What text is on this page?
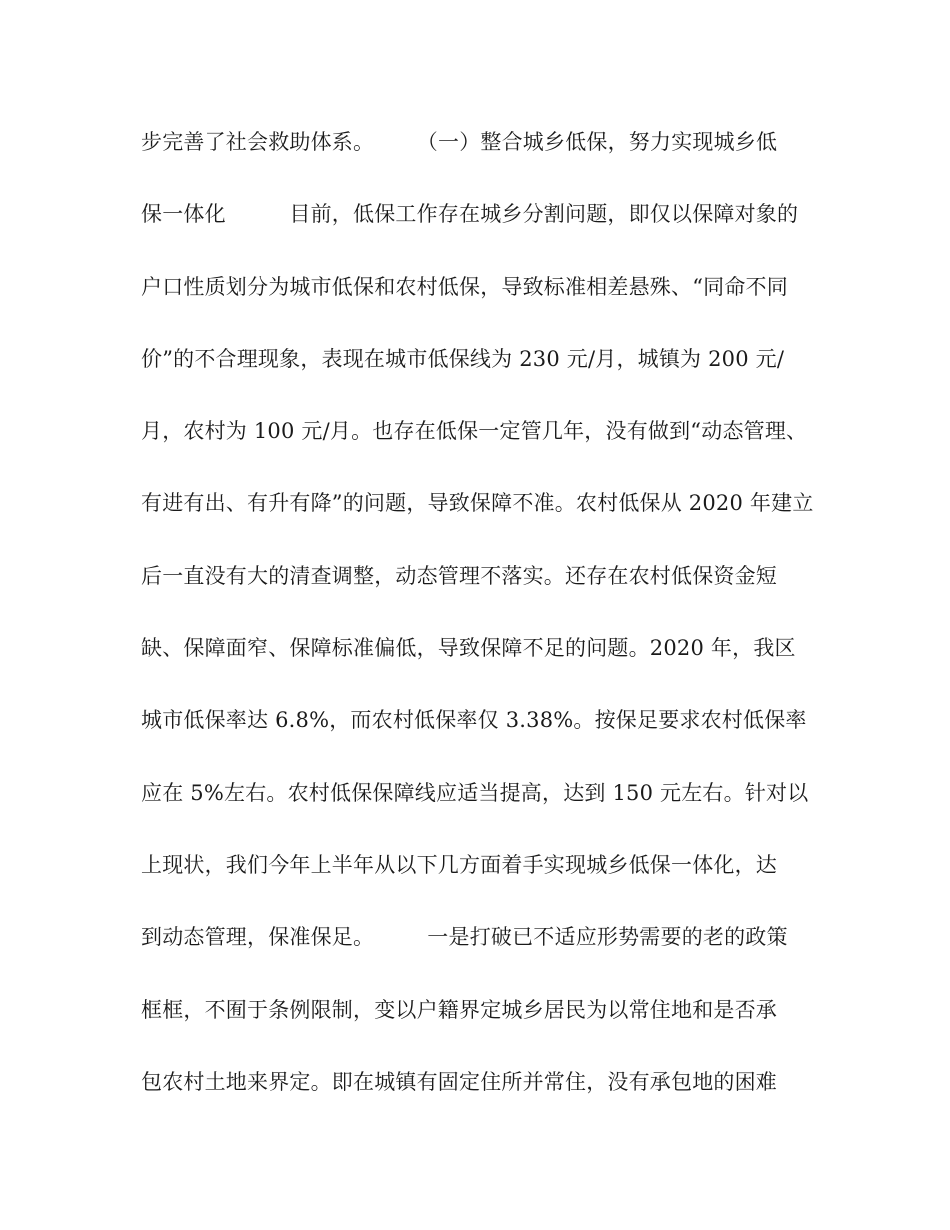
步完善了社会救助体系。　　　（一）整合城乡低保，努力实现城乡低
保一体化　　　目前，低保工作存在城乡分割问题，即仅以保障对象的
户口性质划分为城市低保和农村低保，导致标准相差悬殊、“同命不同
价”的不合理现象，表现在城市低保线为 230 元/月，城镇为 200 元/
月，农村为 100 元/月。也存在低保一定管几年，没有做到“动态管理、
有进有出、有升有降”的问题，导致保障不准。农村低保从 2020 年建立
后一直没有大的清查调整，动态管理不落实。还存在农村低保资金短
缺、保障面窄、保障标准偏低，导致保障不足的问题。2020 年，我区
城市低保率达 6.8%，而农村低保率仅 3.38%。按保足要求农村低保率
应在 5%左右。农村低保保障线应适当提高，达到 150 元左右。针对以
上现状，我们今年上半年从以下几方面着手实现城乡低保一体化，达
到动态管理，保准保足。　　　一是打破已不适应形势需要的老的政策
框框，不囿于条例限制，变以户籍界定城乡居民为以常住地和是否承
包农村土地来界定。即在城镇有固定住所并常住，没有承包地的困难
